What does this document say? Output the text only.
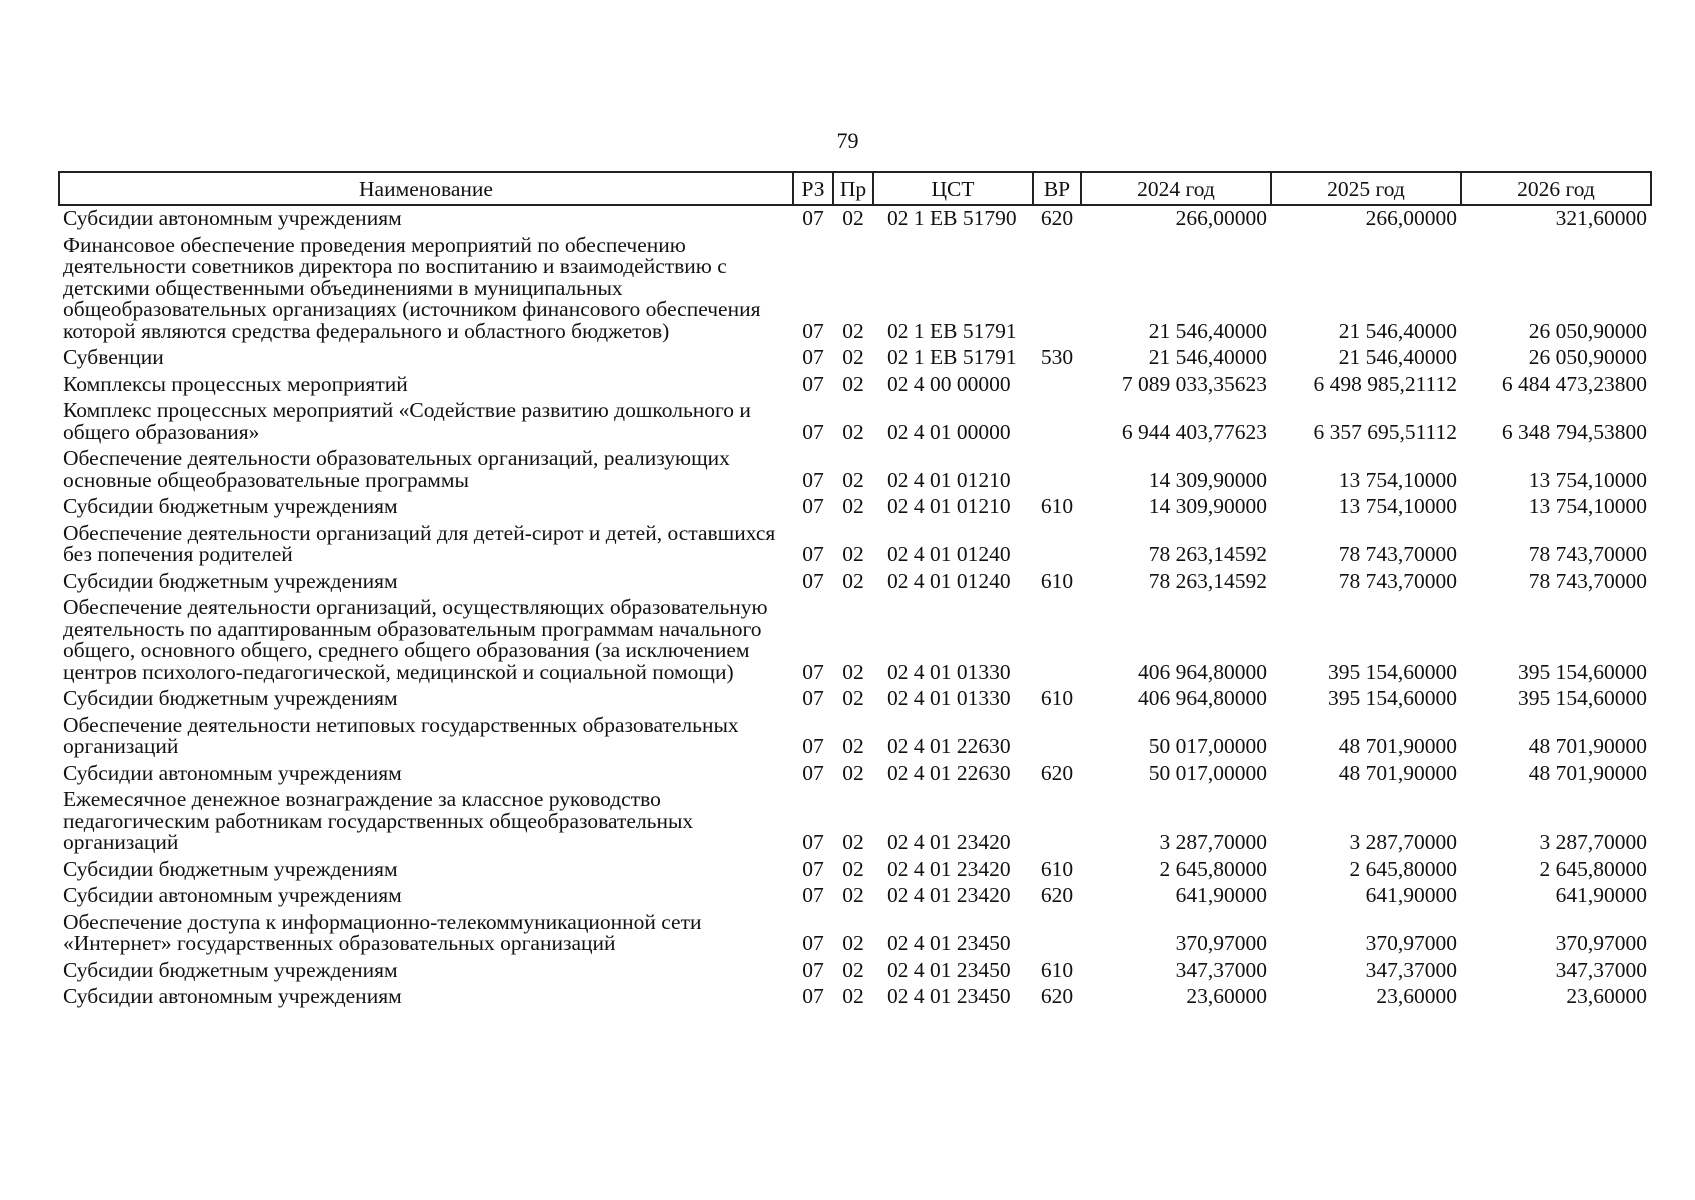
79
Наименование	РЗ	Пр	ЦСТ	ВР	2024 год	2025 год	2026 год
Субсидии автономным учреждениям	07	02	02 1 EB 51790	620	266,00000	266,00000	321,60000
Финансовое обеспечение проведения мероприятий по обеспечению деятельности советников директора по воспитанию и взаимодействию с детскими общественными объединениями в муниципальных общеобразовательных организациях (источником финансового обеспечения которой являются средства федерального и областного бюджетов)	07	02	02 1 EB 51791		21 546,40000	21 546,40000	26 050,90000
Субвенции	07	02	02 1 EB 51791	530	21 546,40000	21 546,40000	26 050,90000
Комплексы процессных мероприятий	07	02	02 4 00 00000		7 089 033,35623	6 498 985,21112	6 484 473,23800
Комплекс процессных мероприятий «Содействие развитию дошкольного и общего образования»	07	02	02 4 01 00000		6 944 403,77623	6 357 695,51112	6 348 794,53800
Обеспечение деятельности образовательных организаций, реализующих основные общеобразовательные программы	07	02	02 4 01 01210		14 309,90000	13 754,10000	13 754,10000
Субсидии бюджетным учреждениям	07	02	02 4 01 01210	610	14 309,90000	13 754,10000	13 754,10000
Обеспечение деятельности организаций для детей-сирот и детей, оставшихся без попечения родителей	07	02	02 4 01 01240		78 263,14592	78 743,70000	78 743,70000
Субсидии бюджетным учреждениям	07	02	02 4 01 01240	610	78 263,14592	78 743,70000	78 743,70000
Обеспечение деятельности организаций, осуществляющих образовательную деятельность по адаптированным образовательным программам начального общего, основного общего, среднего общего образования (за исключением центров психолого-педагогической, медицинской и социальной помощи)	07	02	02 4 01 01330		406 964,80000	395 154,60000	395 154,60000
Субсидии бюджетным учреждениям	07	02	02 4 01 01330	610	406 964,80000	395 154,60000	395 154,60000
Обеспечение деятельности нетиповых государственных образовательных организаций	07	02	02 4 01 22630		50 017,00000	48 701,90000	48 701,90000
Субсидии автономным учреждениям	07	02	02 4 01 22630	620	50 017,00000	48 701,90000	48 701,90000
Ежемесячное денежное вознаграждение за классное руководство педагогическим работникам государственных общеобразовательных организаций	07	02	02 4 01 23420		3 287,70000	3 287,70000	3 287,70000
Субсидии бюджетным учреждениям	07	02	02 4 01 23420	610	2 645,80000	2 645,80000	2 645,80000
Субсидии автономным учреждениям	07	02	02 4 01 23420	620	641,90000	641,90000	641,90000
Обеспечение доступа к информационно-телекоммуникационной сети «Интернет» государственных образовательных организаций	07	02	02 4 01 23450		370,97000	370,97000	370,97000
Субсидии бюджетным учреждениям	07	02	02 4 01 23450	610	347,37000	347,37000	347,37000
Субсидии автономным учреждениям	07	02	02 4 01 23450	620	23,60000	23,60000	23,60000
